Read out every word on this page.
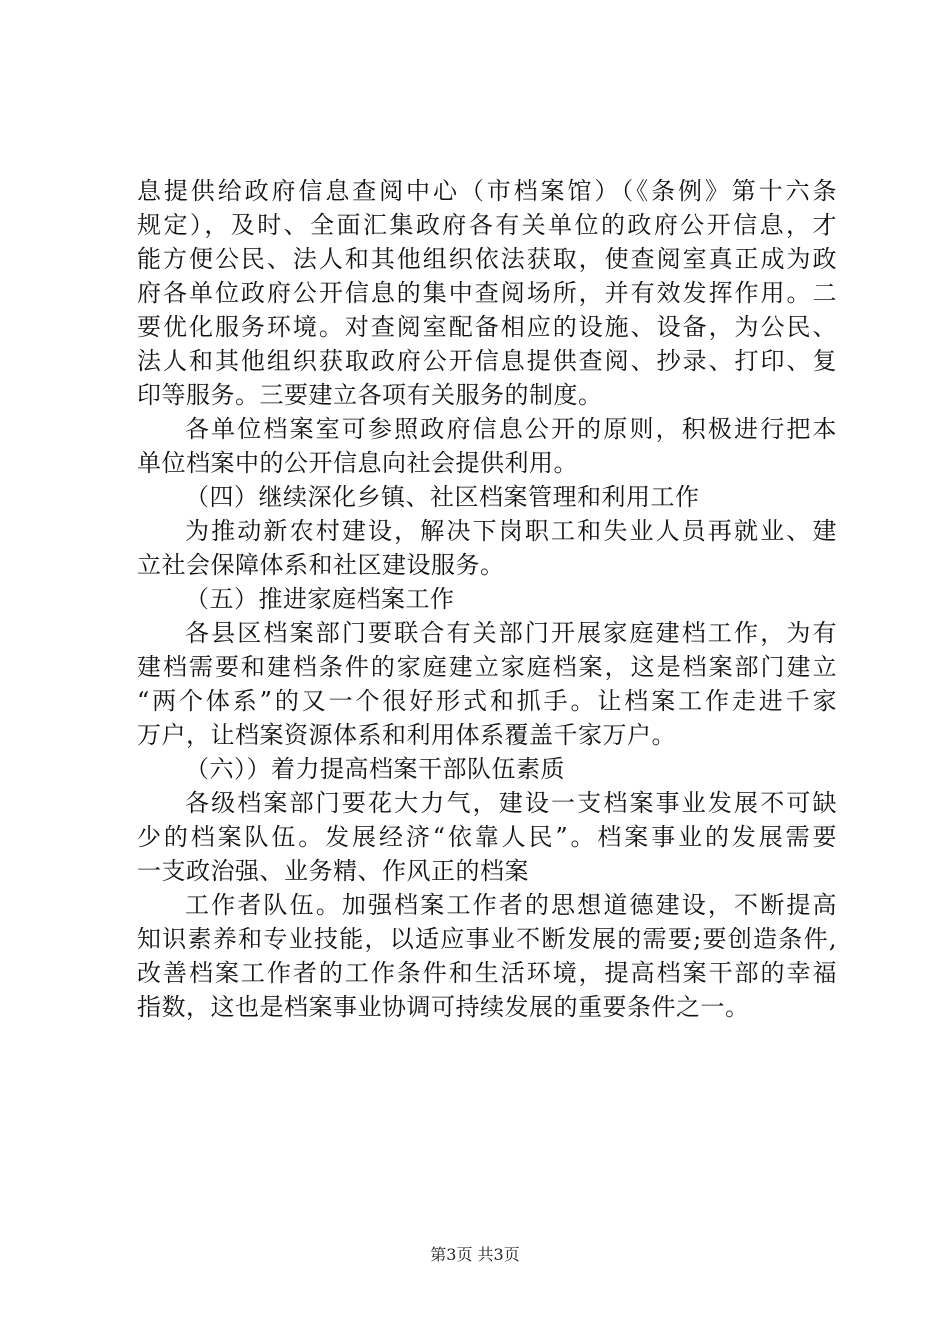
息提供给政府信息查阅中心（市档案馆）（《条例》第十六条
规定），及时、全面汇集政府各有关单位的政府公开信息，才
能方便公民、法人和其他组织依法获取，使查阅室真正成为政
府各单位政府公开信息的集中查阅场所，并有效发挥作用。二
要优化服务环境。对查阅室配备相应的设施、设备，为公民、
法人和其他组织获取政府公开信息提供查阅、抄录、打印、复
印等服务。三要建立各项有关服务的制度。
各单位档案室可参照政府信息公开的原则，积极进行把本
单位档案中的公开信息向社会提供利用。
（四）继续深化乡镇、社区档案管理和利用工作
为推动新农村建设，解决下岗职工和失业人员再就业、建
立社会保障体系和社区建设服务。
（五）推进家庭档案工作
各县区档案部门要联合有关部门开展家庭建档工作，为有
建档需要和建档条件的家庭建立家庭档案，这是档案部门建立
“两个体系”的又一个很好形式和抓手。让档案工作走进千家
万户，让档案资源体系和利用体系覆盖千家万户。
（六））着力提高档案干部队伍素质
各级档案部门要花大力气，建设一支档案事业发展不可缺
少的档案队伍。发展经济“依靠人民”。档案事业的发展需要
一支政治强、业务精、作风正的档案
工作者队伍。加强档案工作者的思想道德建设，不断提高
知识素养和专业技能，以适应事业不断发展的需要;要创造条件,
改善档案工作者的工作条件和生活环境，提高档案干部的幸福
指数，这也是档案事业协调可持续发展的重要条件之一。
第3页 共3页
